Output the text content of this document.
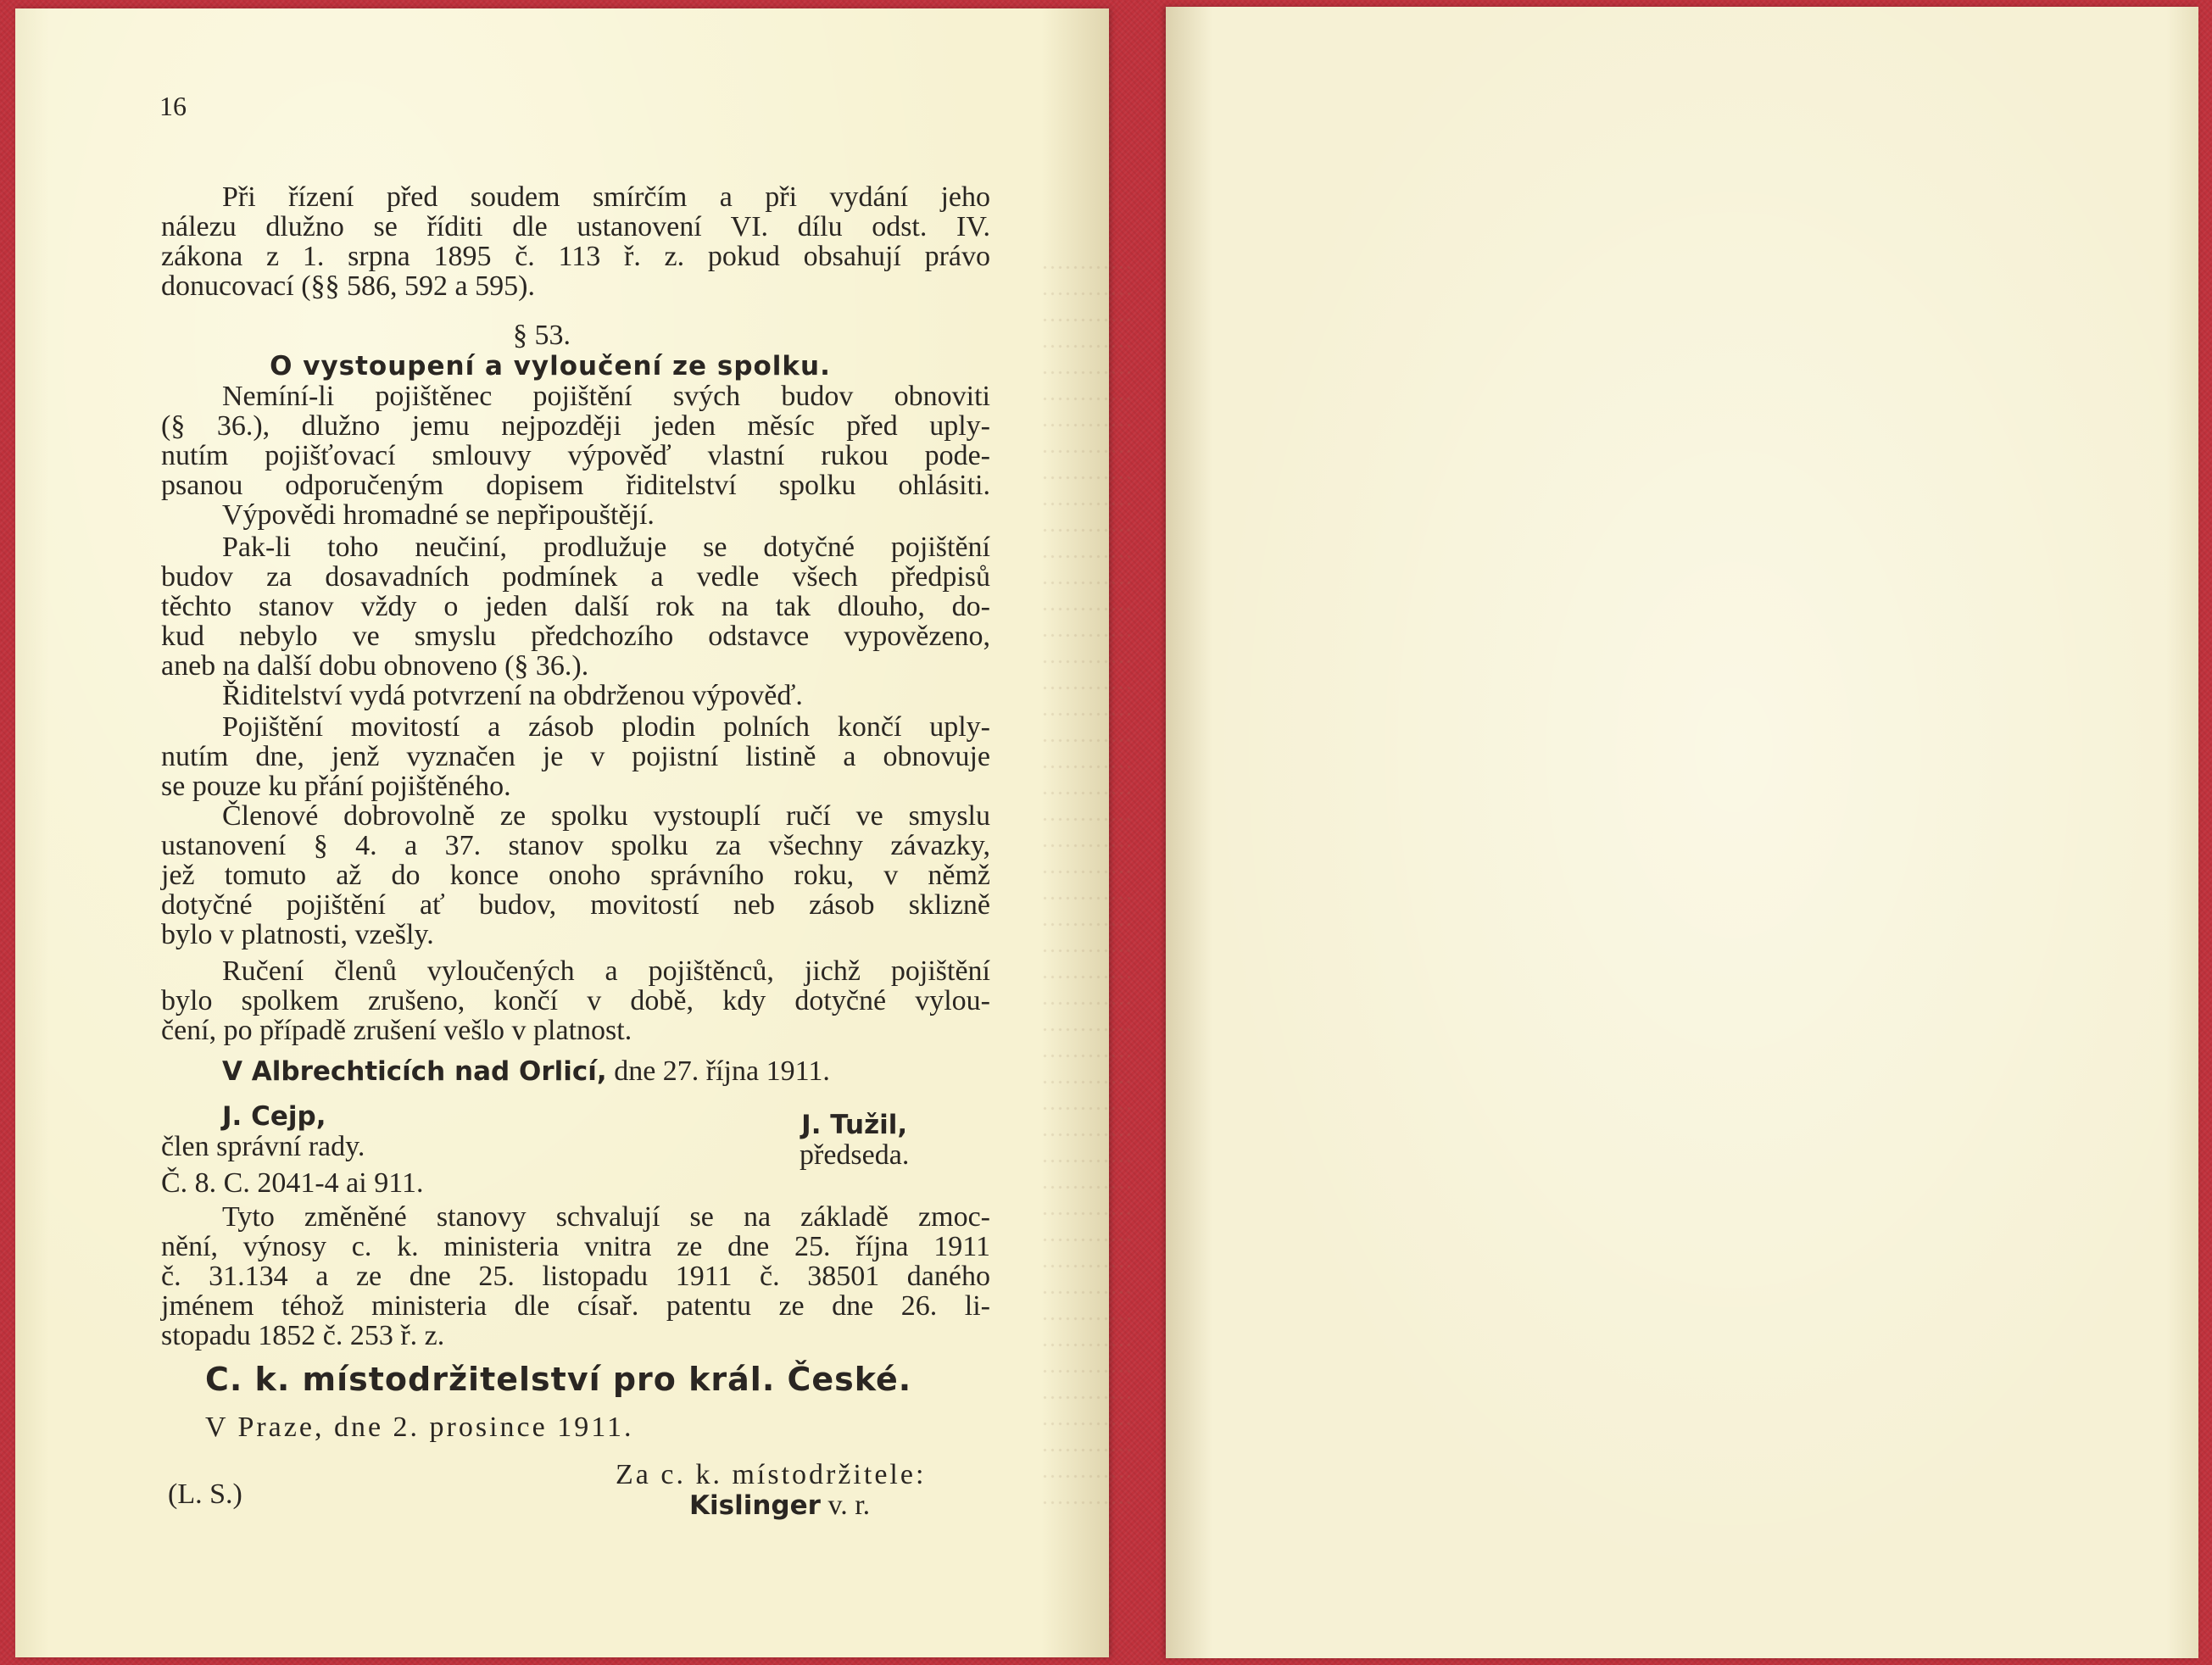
16
Při řízení před soudem smírčím a při vydání jeho
nálezu dlužno se říditi dle ustanovení VI. dílu odst. IV.
zákona z 1. srpna 1895 č. 113 ř. z. pokud obsahují právo
donucovací (§§ 586, 592 a 595).
§ 53.
O vystoupení a vyloučení ze spolku.
Nemíní-li pojištěnec pojištění svých budov obnoviti
(§ 36.), dlužno jemu nejpozději jeden měsíc před uply-
nutím pojišťovací smlouvy výpověď vlastní rukou pode-
psanou odporučeným dopisem řiditelství spolku ohlásiti.
Výpovědi hromadné se nepřipouštějí.
Pak-li toho neučiní, prodlužuje se dotyčné pojištění
budov za dosavadních podmínek a vedle všech předpisů
těchto stanov vždy o jeden další rok na tak dlouho, do-
kud nebylo ve smyslu předchozího odstavce vypovězeno,
aneb na další dobu obnoveno (§ 36.).
Řiditelství vydá potvrzení na obdrženou výpověď.
Pojištění movitostí a zásob plodin polních končí uply-
nutím dne, jenž vyznačen je v pojistní listině a obnovuje
se pouze ku přání pojištěného.
Členové dobrovolně ze spolku vystouplí ručí ve smyslu
ustanovení § 4. a 37. stanov spolku za všechny závazky,
jež tomuto až do konce onoho správního roku, v němž
dotyčné pojištění ať budov, movitostí neb zásob sklizně
bylo v platnosti, vzešly.
Ručení členů vyloučených a pojištěnců, jichž pojištění
bylo spolkem zrušeno, končí v době, kdy dotyčné vylou-
čení, po případě zrušení vešlo v platnost.
V Albrechticích nad Orlicí, dne 27. října 1911.
J. Cejp,
člen správní rady.
J. Tužil,
předseda.
Č. 8. C. 2041-4 ai 911.
Tyto změněné stanovy schvalují se na základě zmoc-
nění, výnosy c. k. ministeria vnitra ze dne 25. října 1911
č. 31.134 a ze dne 25. listopadu 1911 č. 38501 daného
jménem téhož ministeria dle císař. patentu ze dne 26. li-
stopadu 1852 č. 253 ř. z.
C. k. místodržitelství pro král. České.
V Praze, dne 2. prosince 1911.
(L. S.)
Za c. k. místodržitele:
Kislinger v. r.
